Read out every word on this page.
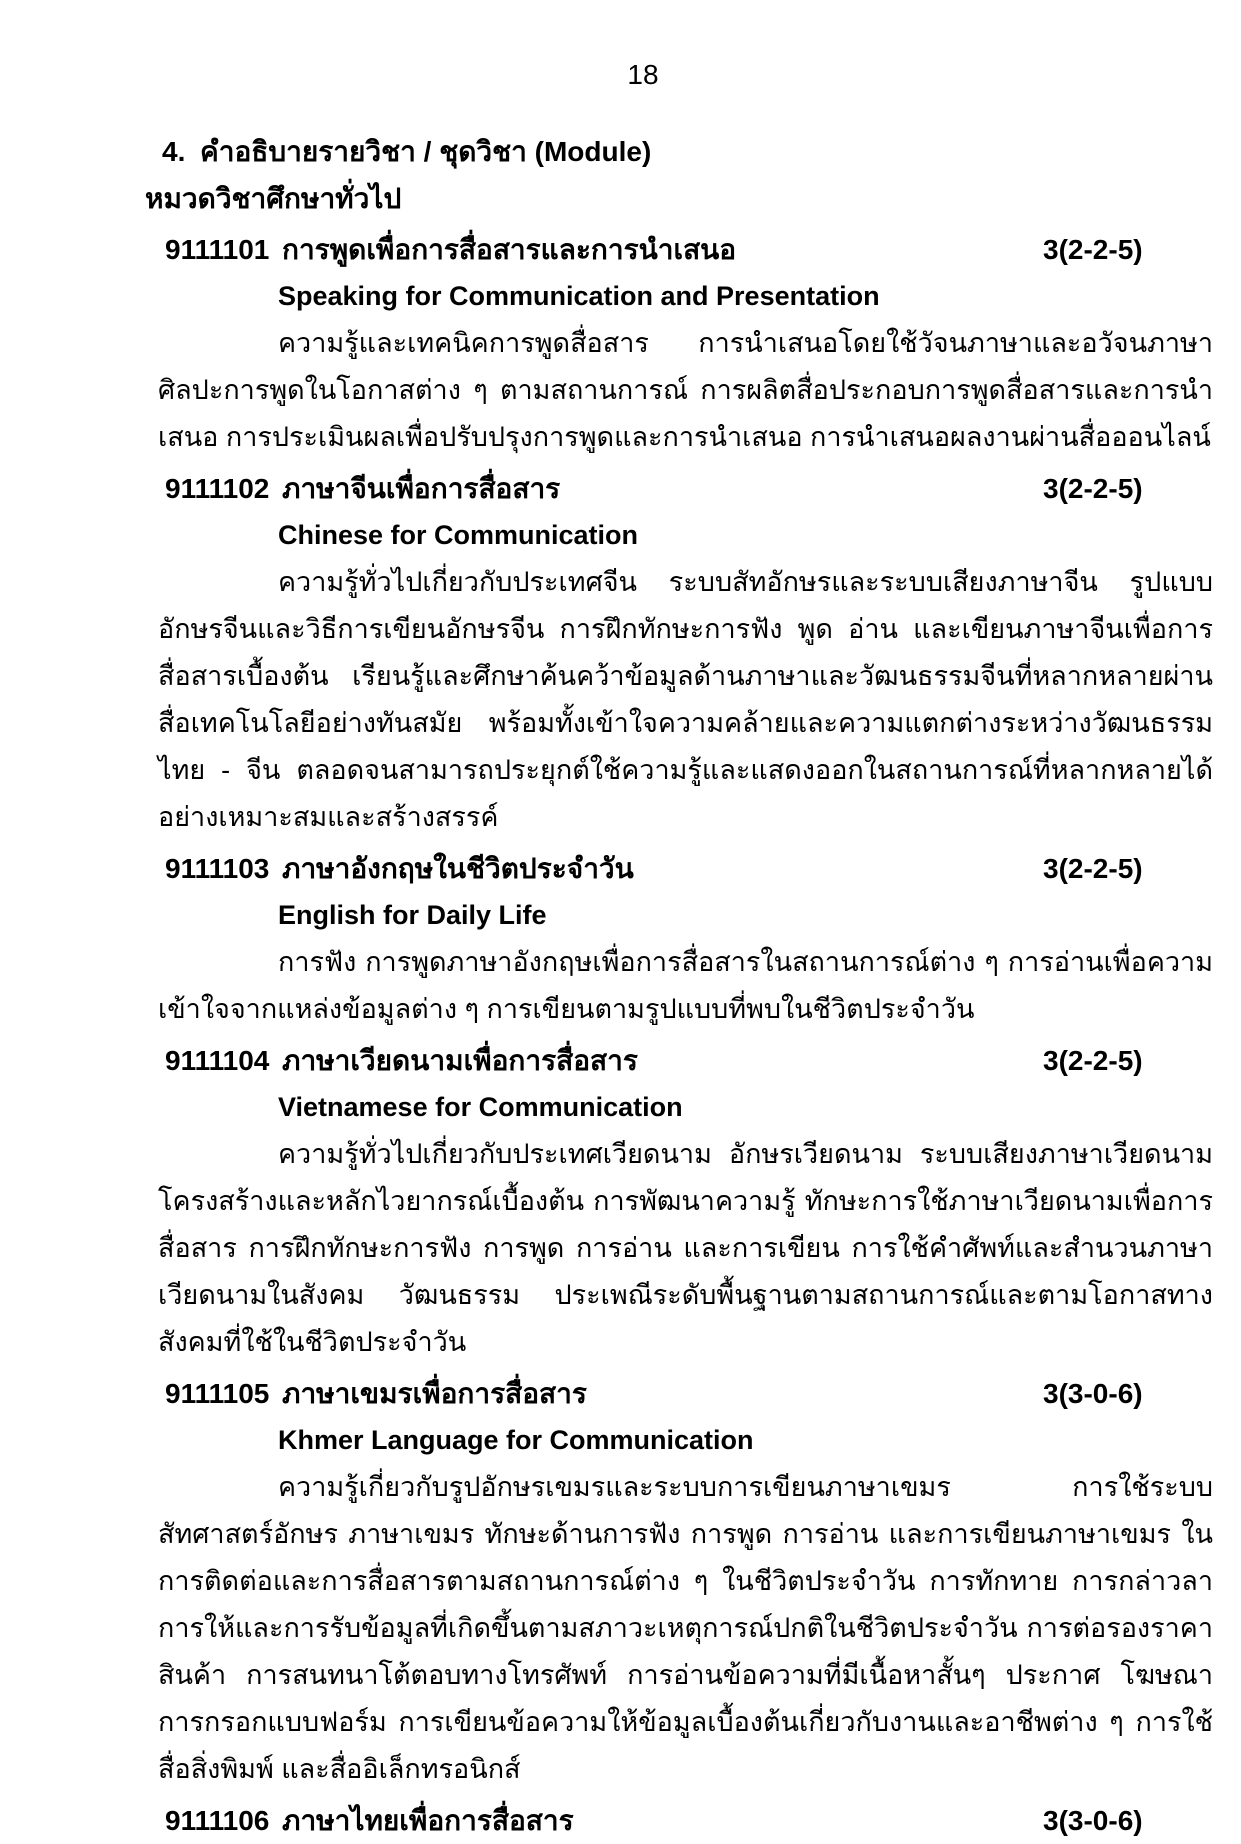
18
4. คำอธิบายรายวิชา / ชุดวิชา (Module)
หมวดวิชาศึกษาทั่วไป
9111101 การพูดเพื่อการสื่อสารและการนำเสนอ	3(2-2-5)
Speaking for Communication and Presentation

ความรู้และเทคนิคการพูดสื่อสาร การนำเสนอโดยใช้วัจนภาษาและอวัจนภาษา ศิลปะการพูดในโอกาสต่าง ๆ ตามสถานการณ์ การผลิตสื่อประกอบการพูดสื่อสารและการนำเสนอ การประเมินผลเพื่อปรับปรุงการพูดและการนำเสนอ การนำเสนอผลงานผ่านสื่อออนไลน์

9111102 ภาษาจีนเพื่อการสื่อสาร	3(2-2-5)
Chinese for Communication

ความรู้ทั่วไปเกี่ยวกับประเทศจีน ระบบสัทอักษรและระบบเสียงภาษาจีน รูปแบบอักษรจีนและวิธีการเขียนอักษรจีน การฝึกทักษะการฟัง พูด อ่าน และเขียนภาษาจีนเพื่อการสื่อสารเบื้องต้น เรียนรู้และศึกษาค้นคว้าข้อมูลด้านภาษาและวัฒนธรรมจีนที่หลากหลายผ่านสื่อเทคโนโลยีอย่างทันสมัย พร้อมทั้งเข้าใจความคล้ายและความแตกต่างระหว่างวัฒนธรรมไทย - จีน ตลอดจนสามารถประยุกต์ใช้ความรู้และแสดงออกในสถานการณ์ที่หลากหลายได้อย่างเหมาะสมและสร้างสรรค์

9111103 ภาษาอังกฤษในชีวิตประจำวัน	3(2-2-5)
English for Daily Life

การฟัง การพูดภาษาอังกฤษเพื่อการสื่อสารในสถานการณ์ต่าง ๆ การอ่านเพื่อความเข้าใจจากแหล่งข้อมูลต่าง ๆ การเขียนตามรูปแบบที่พบในชีวิตประจำวัน

9111104 ภาษาเวียดนามเพื่อการสื่อสาร	3(2-2-5)
Vietnamese for Communication

ความรู้ทั่วไปเกี่ยวกับประเทศเวียดนาม อักษรเวียดนาม ระบบเสียงภาษาเวียดนาม โครงสร้างและหลักไวยากรณ์เบื้องต้น การพัฒนาความรู้ ทักษะการใช้ภาษาเวียดนามเพื่อการสื่อสาร การฝึกทักษะการฟัง การพูด การอ่าน และการเขียน การใช้คำศัพท์และสำนวนภาษาเวียดนามในสังคม วัฒนธรรม ประเพณีระดับพื้นฐานตามสถานการณ์และตามโอกาสทางสังคมที่ใช้ในชีวิตประจำวัน

9111105 ภาษาเขมรเพื่อการสื่อสาร	3(3-0-6)
Khmer Language for Communication

ความรู้เกี่ยวกับรูปอักษรเขมรและระบบการเขียนภาษาเขมร การใช้ระบบสัทศาสตร์อักษร ภาษาเขมร ทักษะด้านการฟัง การพูด การอ่าน และการเขียนภาษาเขมร ในการติดต่อและการสื่อสารตามสถานการณ์ต่าง ๆ ในชีวิตประจำวัน การทักทาย การกล่าวลา การให้และการรับข้อมูลที่เกิดขึ้นตามสภาวะเหตุการณ์ปกติในชีวิตประจำวัน การต่อรองราคาสินค้า การสนทนาโต้ตอบทางโทรศัพท์ การอ่านข้อความที่มีเนื้อหาสั้นๆ ประกาศ โฆษณา การกรอกแบบฟอร์ม การเขียนข้อความให้ข้อมูลเบื้องต้นเกี่ยวกับงานและอาชีพต่าง ๆ การใช้สื่อสิ่งพิมพ์ และสื่ออิเล็กทรอนิกส์

9111106 ภาษาไทยเพื่อการสื่อสาร	3(3-0-6)
